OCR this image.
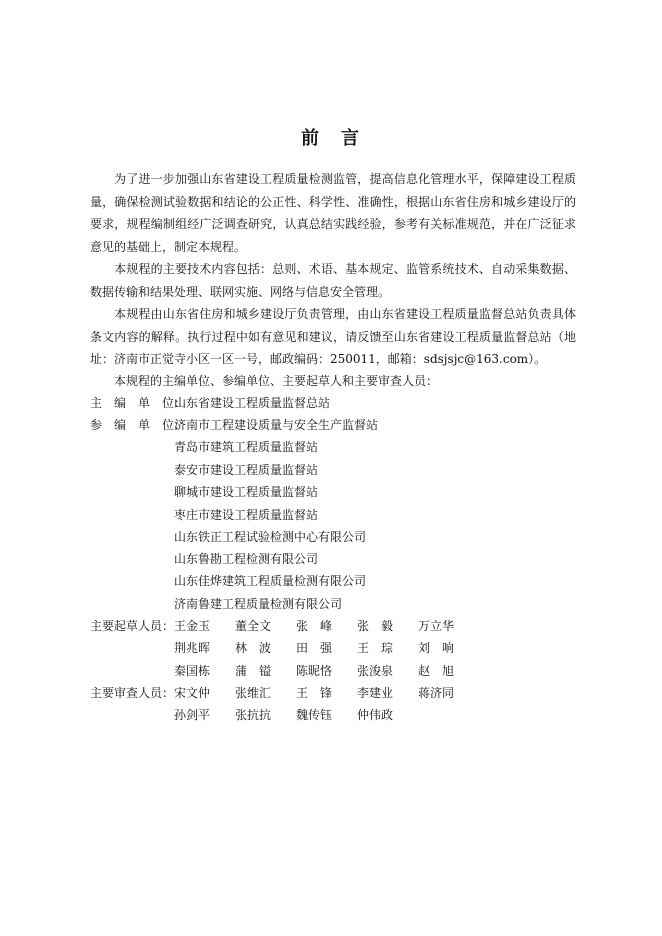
前　言

为了进一步加强山东省建设工程质量检测监管，提高信息化管理水平，保障建设工程质量，确保检测试验数据和结论的公正性、科学性、准确性，根据山东省住房和城乡建设厅的要求，规程编制组经广泛调查研究，认真总结实践经验，参考有关标准规范，并在广泛征求意见的基础上，制定本规程。

本规程的主要技术内容包括：总则、术语、基本规定、监管系统技术、自动采集数据、数据传输和结果处理、联网实施、网络与信息安全管理。

本规程由山东省住房和城乡建设厅负责管理，由山东省建设工程质量监督总站负责具体条文内容的解释。执行过程中如有意见和建议，请反馈至山东省建设工程质量监督总站（地址：济南市正觉寺小区一区一号，邮政编码：250011，邮箱：sdsjsjc@163.com）。

本规程的主编单位、参编单位、主要起草人和主要审查人员：

主　编　单　位：
山东省建设工程质量监督总站
参　编　单　位：
济南市工程建设质量与安全生产监督站
青岛市建筑工程质量监督站
泰安市建设工程质量监督站
聊城市建设工程质量监督站
枣庄市建设工程质量监督站
山东铁正工程试验检测中心有限公司
山东鲁勘工程检测有限公司
山东佳烨建筑工程质量检测有限公司
济南鲁建工程质量检测有限公司
主要起草人员： 王金玉 董全文 张　峰 张　毅 万立华
荆兆晖 林　波 田　强 王　琮 刘　响
秦国栋 蒲　镒 陈昵恪 张浚泉 赵　旭
主要审查人员： 宋文仲 张维汇 王　锋 李建业 蒋济同
孙剑平 张抗抗 魏传钰 仲伟政
